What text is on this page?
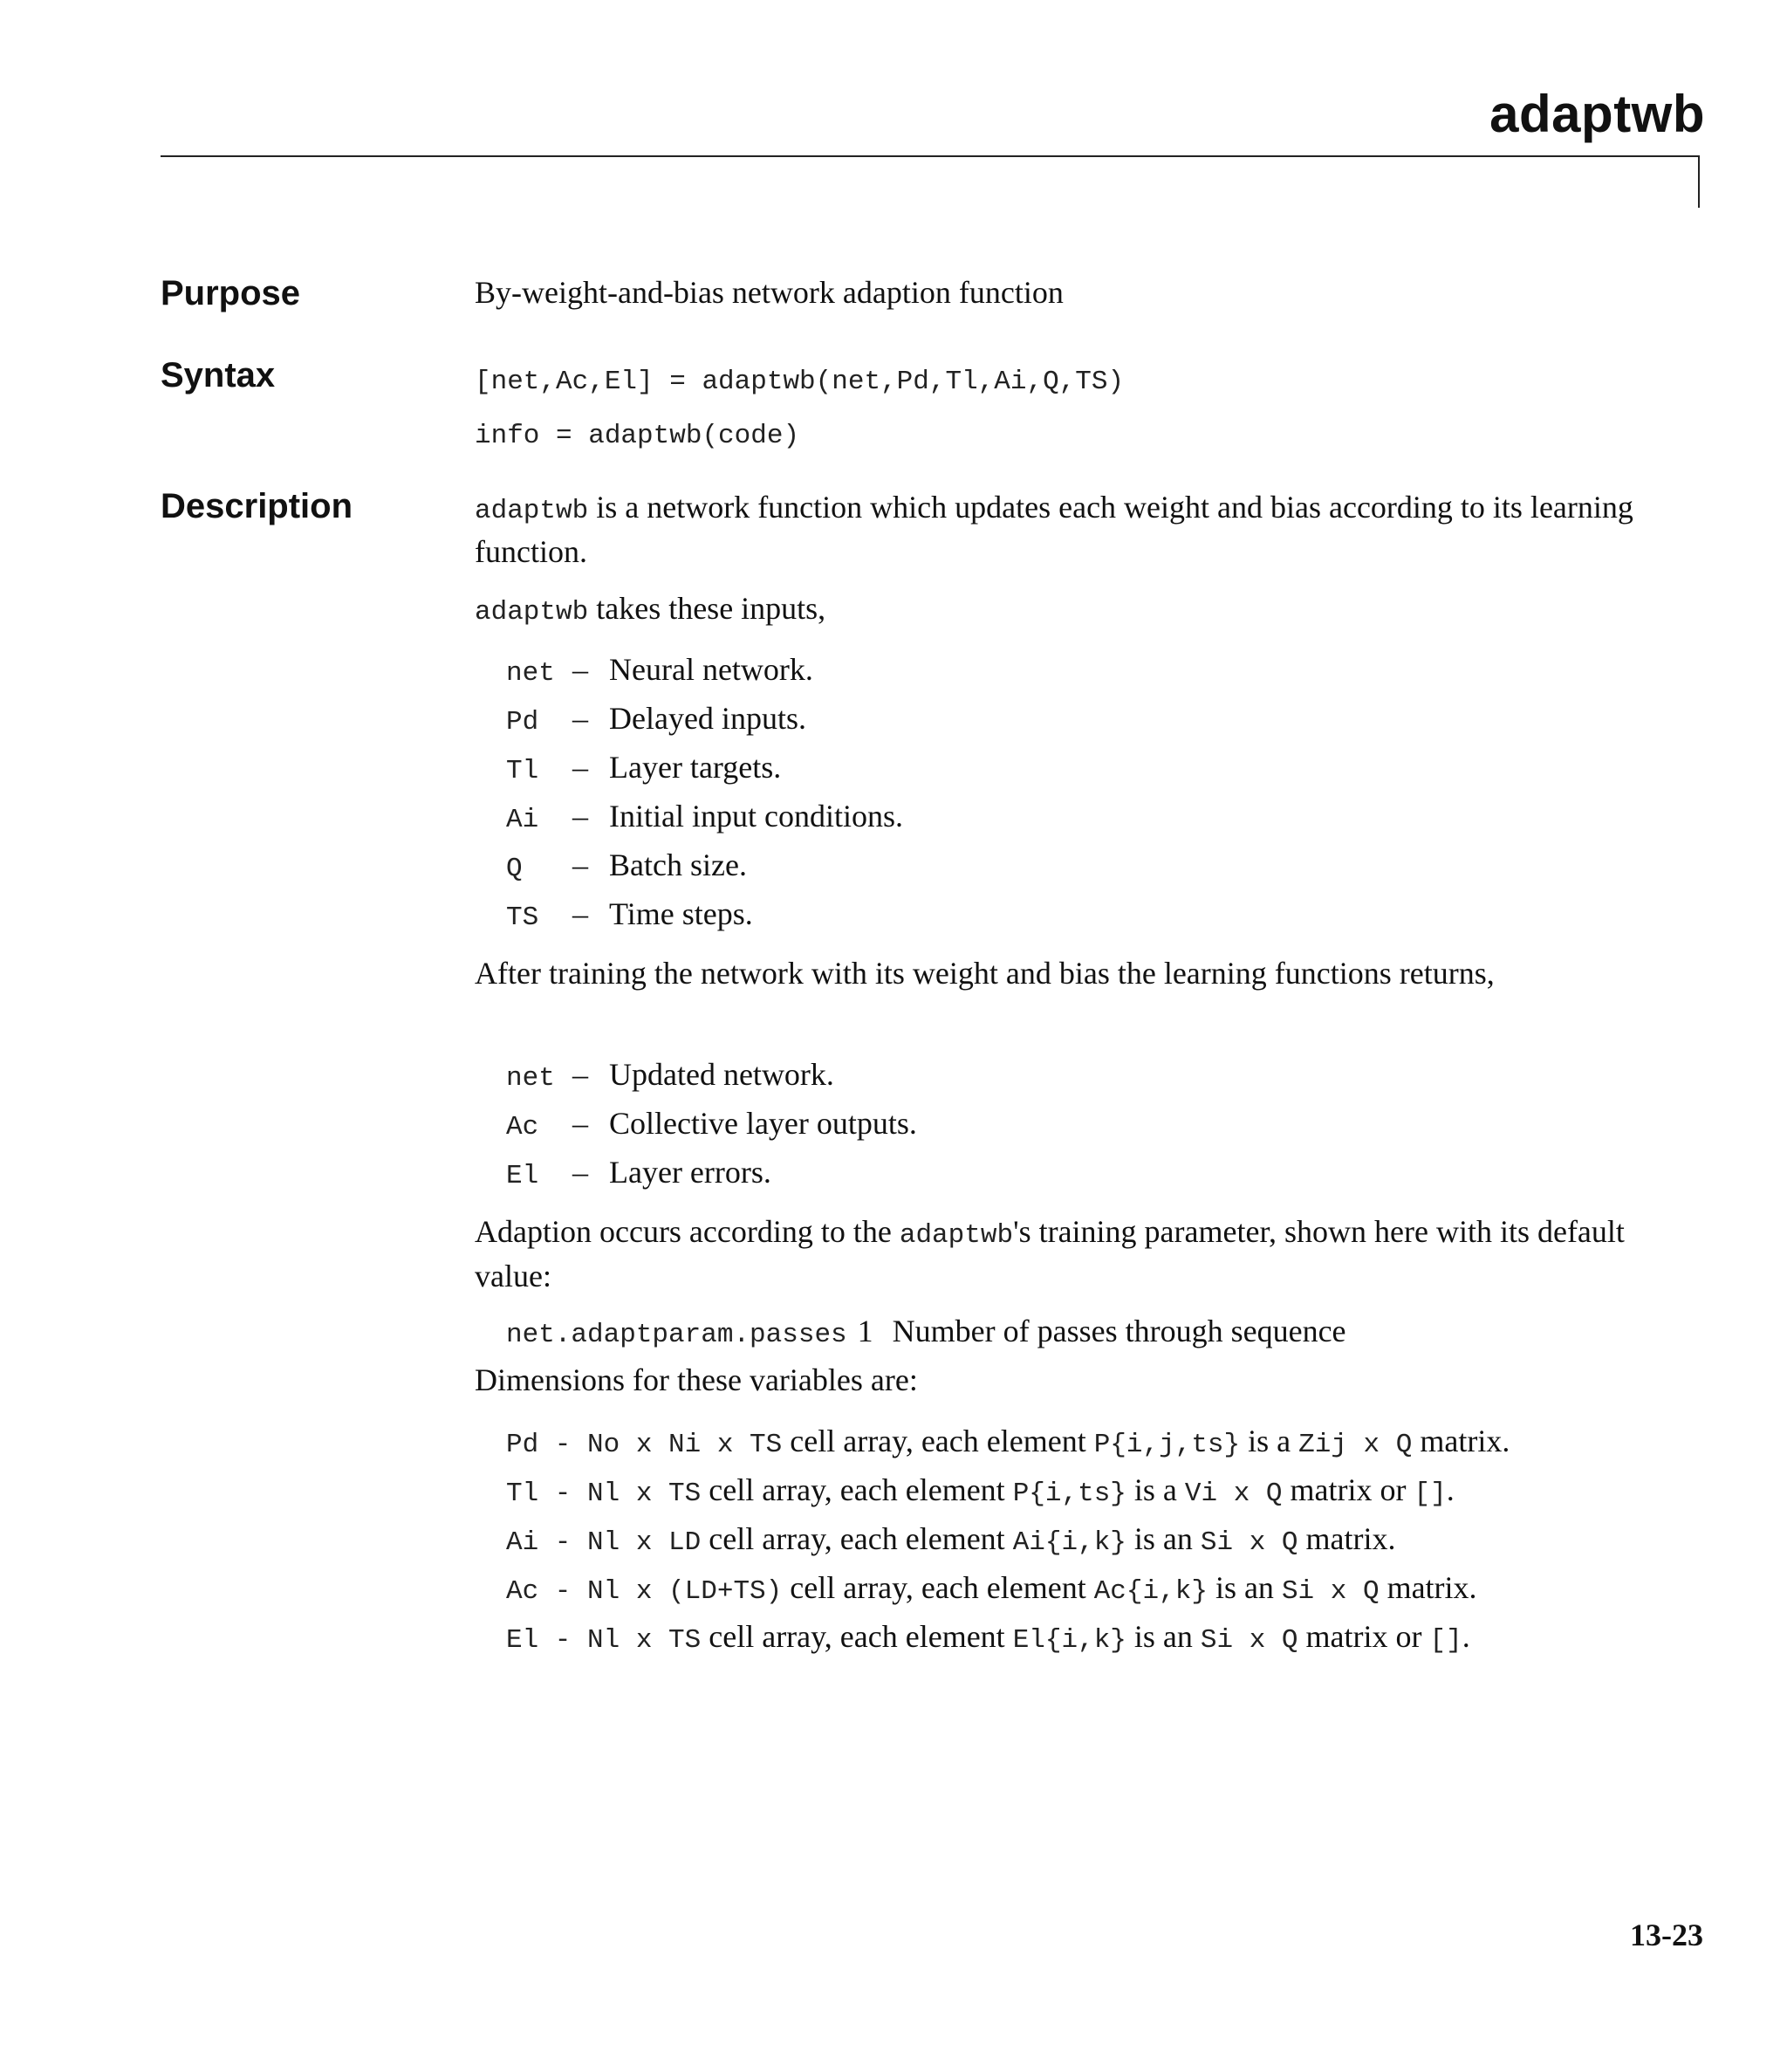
adaptwb
Purpose	By-weight-and-bias network adaption function
Syntax	[net,Ac,El] = adaptwb(net,Pd,Tl,Ai,Q,TS)
info = adaptwb(code)
Description	adaptwb is a network function which updates each weight and bias according to its learning function.
adaptwb takes these inputs,
net – Neural network.
Pd – Delayed inputs.
Tl – Layer targets.
Ai – Initial input conditions.
Q – Batch size.
TS – Time steps.
After training the network with its weight and bias the learning functions returns,
net – Updated network.
Ac – Collective layer outputs.
El – Layer errors.
Adaption occurs according to the adaptwb's training parameter, shown here with its default value:
net.adaptparam.passes 1 Number of passes through sequence
Dimensions for these variables are:
Pd - No x Ni x TS cell array, each element P{i,j,ts} is a Zij x Q matrix.
Tl - Nl x TS cell array, each element P{i,ts} is a Vi x Q matrix or [].
Ai - Nl x LD cell array, each element Ai{i,k} is an Si x Q matrix.
Ac - Nl x (LD+TS) cell array, each element Ac{i,k} is an Si x Q matrix.
El - Nl x TS cell array, each element El{i,k} is an Si x Q matrix or [].
13-23
